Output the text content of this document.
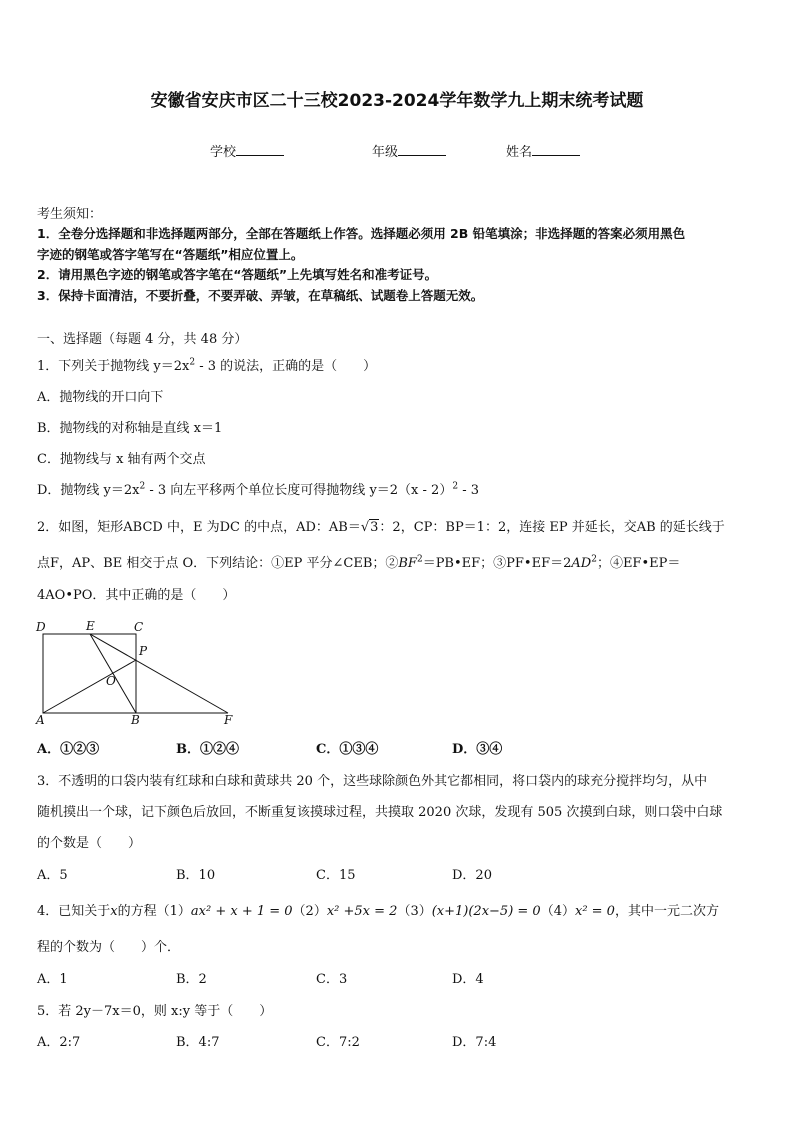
安徽省安庆市区二十三校2023-2024学年数学九上期末统考试题
学校	年级	姓名
考生须知：
1．全卷分选择题和非选择题两部分，全部在答题纸上作答。选择题必须用 2B 铅笔填涂；非选择题的答案必须用黑色
字迹的钢笔或答字笔写在“答题纸”相应位置上。
2．请用黑色字迹的钢笔或答字笔在“答题纸”上先填写姓名和准考证号。
3．保持卡面清洁，不要折叠，不要弄破、弄皱，在草稿纸、试题卷上答题无效。
一、选择题（每题 4 分，共 48 分）
1．下列关于抛物线 $y=2x^2 - 3$ 的说法，正确的是（　　）
A．抛物线的开口向下
B．抛物线的对称轴是直线 x＝1
C．抛物线与 x 轴有两个交点
D．抛物线 $y=2x^2 - 3$ 向左平移两个单位长度可得抛物线 y＝2（x - 2）$^2$ - 3
2．如图，矩形ABCD 中，E 为DC 的中点，AD：AB＝√3：2，CP：BP＝1：2，连接 EP 并延长，交AB 的延长线于
点F，AP、BE 相交于点 O．下列结论：①EP 平分∠CEB；$②BF^2=PB•EF$；$③PF•EF=2AD^2$；④EF•EP＝
4AO•PO．其中正确的是（　　）
D	E	C
P
O
A	B	F
A．①②③	B．①②④	C．①③④	D．③④
3．不透明的口袋内装有红球和白球和黄球共 20 个，这些球除颜色外其它都相同，将口袋内的球充分搅拌均匀，从中
随机摸出一个球，记下颜色后放回，不断重复该摸球过程，共摸取 2020 次球，发现有 505 次摸到白球，则口袋中白球
的个数是（　　）
A．5	B．10	C．15	D．20
4．已知关于x的方程（1）ax² + x + 1 = 0（2）x² +5x = 2（3）(x+1)(2x−5) = 0（4）x² = 0，其中一元二次方
程的个数为（　　）个．
A．1	B．2	C．3	D．4
5．若 2y－7x＝0，则 x:y 等于（　　）
A．2:7	B．4:7	C．7:2	D．7:4
